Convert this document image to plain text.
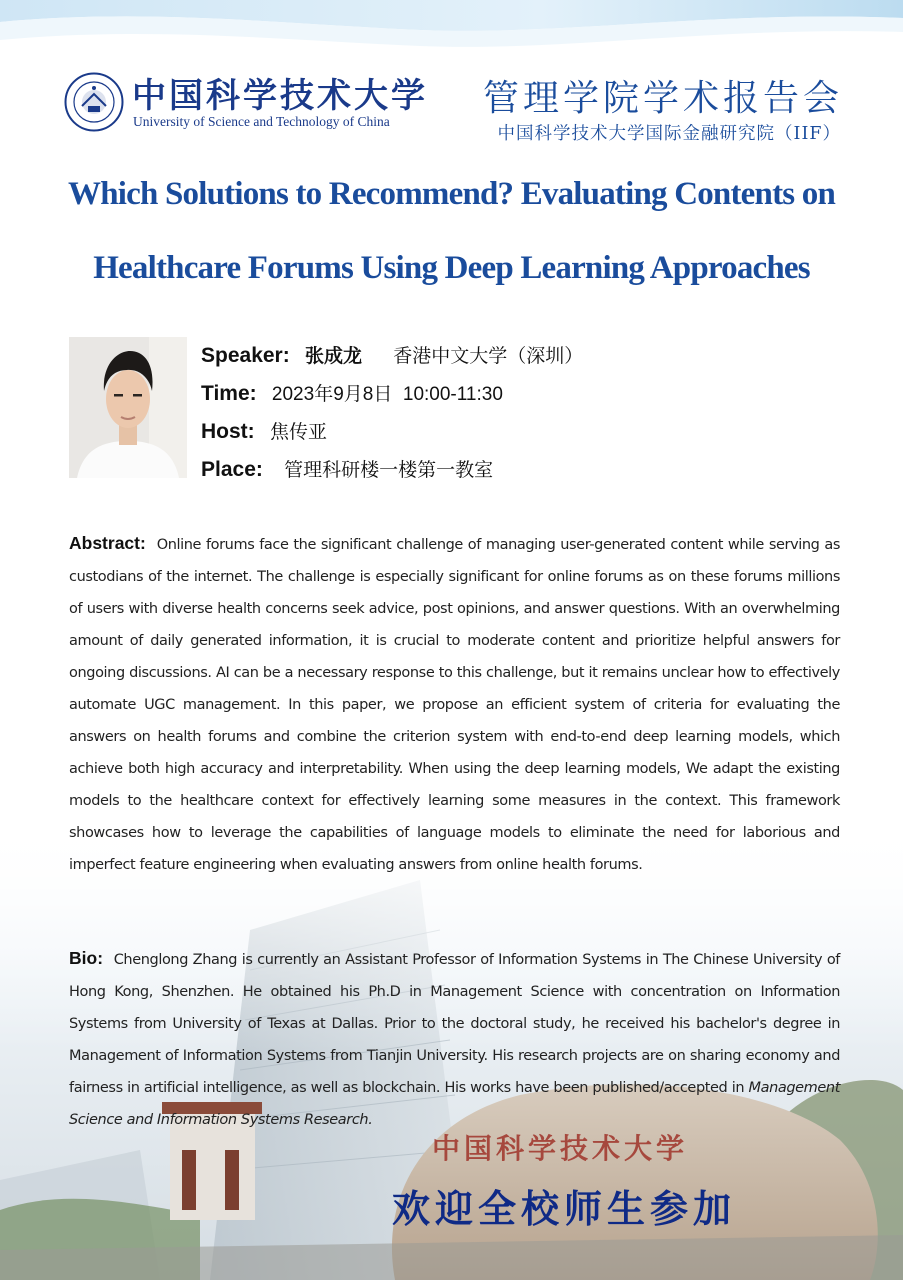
中国科学技术大学
University of Science and Technology of China
管理学院学术报告会
中国科学技术大学国际金融研究院（IIF）
Which Solutions to Recommend? Evaluating Contents on
Healthcare Forums Using Deep Learning Approaches
Speaker: 张成龙 香港中文大学（深圳）
Time: 2023年9月8日  10:00-11:30
Host: 焦传亚
Place: 管理科研楼一楼第一教室
中国科学技术大学
Abstract: Online forums face the significant challenge of managing user-generated content while serving as custodians of the internet. The challenge is especially significant for online forums as on these forums millions of users with diverse health concerns seek advice, post opinions, and answer questions. With an overwhelming amount of daily generated information, it is crucial to moderate content and prioritize helpful answers for ongoing discussions. AI can be a necessary response to this challenge, but it remains unclear how to effectively automate UGC management. In this paper, we propose an efficient system of criteria for evaluating the answers on health forums and combine the criterion system with end-to-end deep learning models, which achieve both high accuracy and interpretability. When using the deep learning models, We adapt the existing models to the healthcare context for effectively learning some measures in the context. This framework showcases how to leverage the capabilities of language models to eliminate the need for laborious and imperfect feature engineering when evaluating answers from online health forums.
Bio: Chenglong Zhang is currently an Assistant Professor of Information Systems in The Chinese University of Hong Kong, Shenzhen. He obtained his Ph.D in Management Science with concentration on Information Systems from University of Texas at Dallas. Prior to the doctoral study, he received his bachelor's degree in Management of Information Systems from Tianjin University. His research projects are on sharing economy and fairness in artificial intelligence, as well as blockchain. His works have been published/accepted in Management Science and Information Systems Research.
欢迎全校师生参加
